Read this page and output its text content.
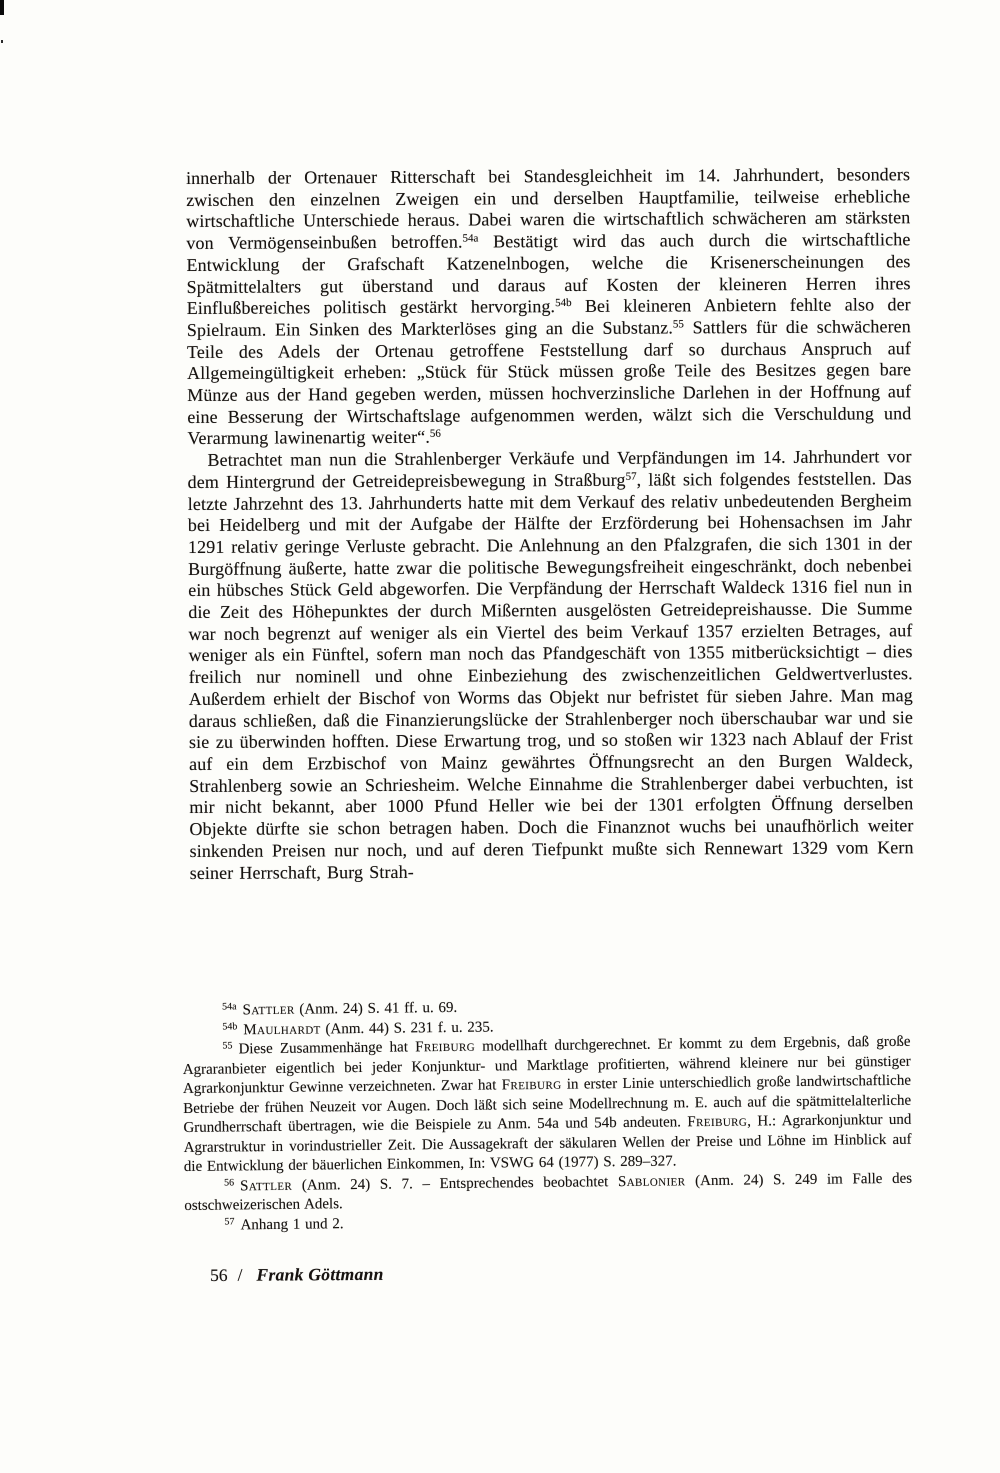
innerhalb der Ortenauer Ritterschaft bei Standesgleichheit im 14. Jahrhundert, besonders zwischen den einzelnen Zweigen ein und derselben Hauptfamilie, teilweise erhebliche wirtschaftliche Unterschiede heraus. Dabei waren die wirtschaftlich schwächeren am stärksten von Vermögenseinbußen betroffen.$^{54a}$ Bestätigt wird das auch durch die wirtschaftliche Entwicklung der Grafschaft Katzenelnbogen, welche die Krisenerscheinungen des Spätmittelalters gut überstand und daraus auf Kosten der kleineren Herren ihres Einflußbereiches politisch gestärkt hervorging.$^{54b}$ Bei kleineren Anbietern fehlte also der Spielraum. Ein Sinken des Markterlöses ging an die Substanz.$^{55}$ Sattlers für die schwächeren Teile des Adels der Ortenau getroffene Feststellung darf so durchaus Anspruch auf Allgemeingültigkeit erheben: „Stück für Stück müssen große Teile des Besitzes gegen bare Münze aus der Hand gegeben werden, müssen hochverzinsliche Darlehen in der Hoffnung auf eine Besserung der Wirtschaftslage aufgenommen werden, wälzt sich die Verschuldung und Verarmung lawinenartig weiter“.$^{56}$

Betrachtet man nun die Strahlenberger Verkäufe und Verpfändungen im 14. Jahrhundert vor dem Hintergrund der Getreidepreisbewegung in Straßburg$^{57}$, läßt sich folgendes feststellen. Das letzte Jahrzehnt des 13. Jahrhunderts hatte mit dem Verkauf des relativ unbedeutenden Bergheim bei Heidelberg und mit der Aufgabe der Hälfte der Erzförderung bei Hohensachsen im Jahr 1291 relativ geringe Verluste gebracht. Die Anlehnung an den Pfalzgrafen, die sich 1301 in der Burgöffnung äußerte, hatte zwar die politische Bewegungsfreiheit eingeschränkt, doch nebenbei ein hübsches Stück Geld abgeworfen. Die Verpfändung der Herrschaft Waldeck 1316 fiel nun in die Zeit des Höhepunktes der durch Mißernten ausgelösten Getreidepreishausse. Die Summe war noch begrenzt auf weniger als ein Viertel des beim Verkauf 1357 erzielten Betrages, auf weniger als ein Fünftel, sofern man noch das Pfandgeschäft von 1355 mitberücksichtigt – dies freilich nur nominell und ohne Einbeziehung des zwischenzeitlichen Geldwertverlustes. Außerdem erhielt der Bischof von Worms das Objekt nur befristet für sieben Jahre. Man mag daraus schließen, daß die Finanzierungslücke der Strahlenberger noch überschaubar war und sie sie zu überwinden hofften. Diese Erwartung trog, und so stoßen wir 1323 nach Ablauf der Frist auf ein dem Erzbischof von Mainz gewährtes Öffnungsrecht an den Burgen Waldeck, Strahlenberg sowie an Schriesheim. Welche Einnahme die Strahlenberger dabei verbuchten, ist mir nicht bekannt, aber 1000 Pfund Heller wie bei der 1301 erfolgten Öffnung derselben Objekte dürfte sie schon betragen haben. Doch die Finanznot wuchs bei unaufhörlich weiter sinkenden Preisen nur noch, und auf deren Tiefpunkt mußte sich Rennewart 1329 vom Kern seiner Herrschaft, Burg Strah-

$^{54a}$ Sattler (Anm. 24) S. 41 ff. u. 69.

$^{54b}$ Maulhardt (Anm. 44) S. 231 f. u. 235.

$^{55}$ Diese Zusammenhänge hat Freiburg modellhaft durchgerechnet. Er kommt zu dem Ergebnis, daß große Agraranbieter eigentlich bei jeder Konjunktur- und Marktlage profitierten, während kleinere nur bei günstiger Agrarkonjunktur Gewinne verzeichneten. Zwar hat Freiburg in erster Linie unterschiedlich große landwirtschaftliche Betriebe der frühen Neuzeit vor Augen. Doch läßt sich seine Modellrechnung m. E. auch auf die spätmittelalterliche Grundherrschaft übertragen, wie die Beispiele zu Anm. 54a und 54b andeuten. Freiburg, H.: Agrarkonjunktur und Agrarstruktur in vorindustrieller Zeit. Die Aussagekraft der säkularen Wellen der Preise und Löhne im Hinblick auf die Entwicklung der bäuerlichen Einkommen, In: VSWG 64 (1977) S. 289–327.

$^{56}$ Sattler (Anm. 24) S. 7. – Entsprechendes beobachtet Sablonier (Anm. 24) S. 249 im Falle des ostschweizerischen Adels.

$^{57}$ Anhang 1 und 2.

56 / Frank Göttmann
